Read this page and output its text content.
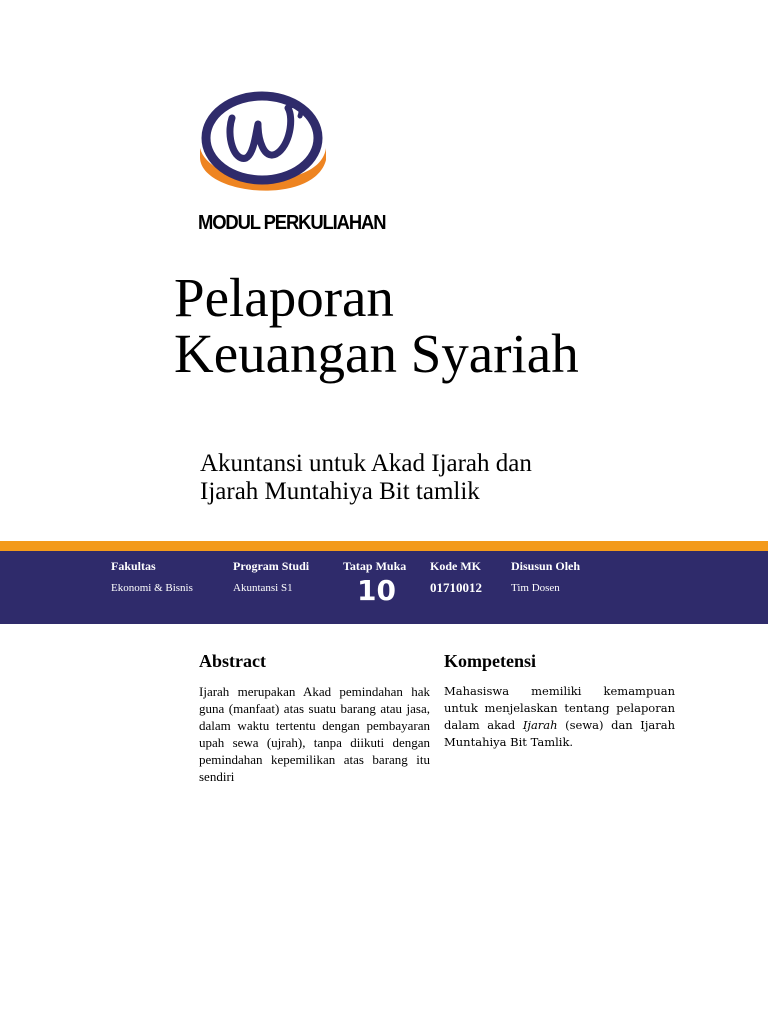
MODUL PERKULIAHAN
Pelaporan
Keuangan Syariah
Akuntansi untuk Akad Ijarah dan
Ijarah Muntahiya Bit tamlik
Fakultas
Ekonomi & Bisnis
Program Studi
Akuntansi S1
Tatap Muka
10
Kode MK
01710012
Disusun Oleh
Tim Dosen
Abstract

Ijarah merupakan Akad pemindahan hak guna (manfaat) atas suatu barang atau jasa, dalam waktu tertentu dengan pembayaran upah sewa (ujrah), tanpa diikuti dengan pemindahan kepemilikan atas barang itu sendiri

Kompetensi

Mahasiswa memiliki kemampuan untuk menjelaskan tentang pelaporan dalam akad Ijarah (sewa) dan Ijarah Muntahiya Bit Tamlik.
